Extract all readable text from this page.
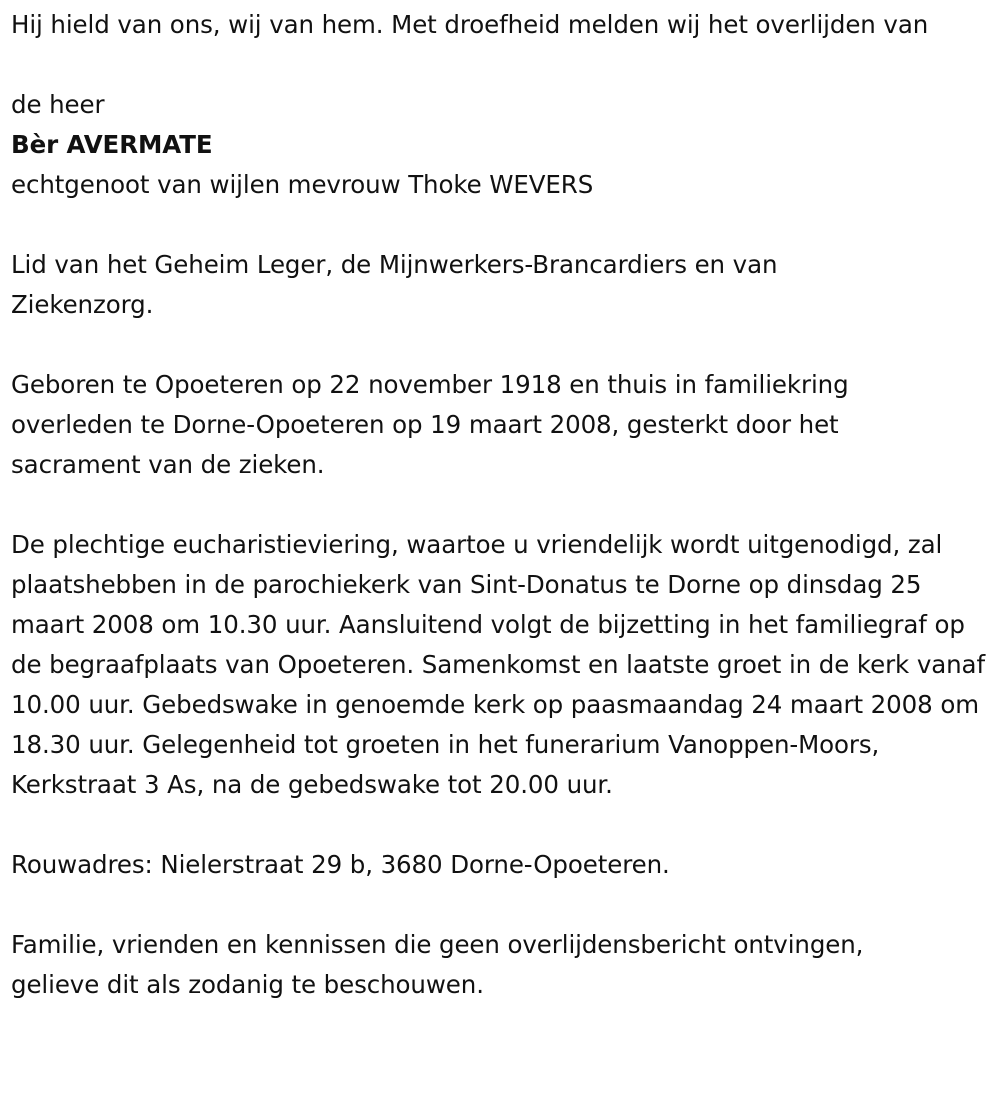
Hij hield van ons, wij van hem. Met droefheid melden wij het overlijden van

de heer

Bèr AVERMATE

echtgenoot van wijlen mevrouw Thoke WEVERS

Lid van het Geheim Leger, de Mijnwerkers-Brancardiers en van Ziekenzorg.

Geboren te Opoeteren op 22 november 1918 en thuis in familiekring overleden te Dorne-Opoeteren op 19 maart 2008, gesterkt door het sacrament van de zieken.

De plechtige eucharistieviering, waartoe u vriendelijk wordt uitgenodigd, zal plaatshebben in de parochiekerk van Sint-Donatus te Dorne op dinsdag 25 maart 2008 om 10.30 uur. Aansluitend volgt de bijzetting in het familiegraf op de begraafplaats van Opoeteren. Samenkomst en laatste groet in de kerk vanaf 10.00 uur. Gebedswake in genoemde kerk op paasmaandag 24 maart 2008 om 18.30 uur. Gelegenheid tot groeten in het funerarium Vanoppen-Moors, Kerkstraat 3 As, na de gebedswake tot 20.00 uur.

Rouwadres: Nielerstraat 29 b, 3680 Dorne-Opoeteren.

Familie, vrienden en kennissen die geen overlijdensbericht ontvingen, gelieve dit als zodanig te beschouwen.
